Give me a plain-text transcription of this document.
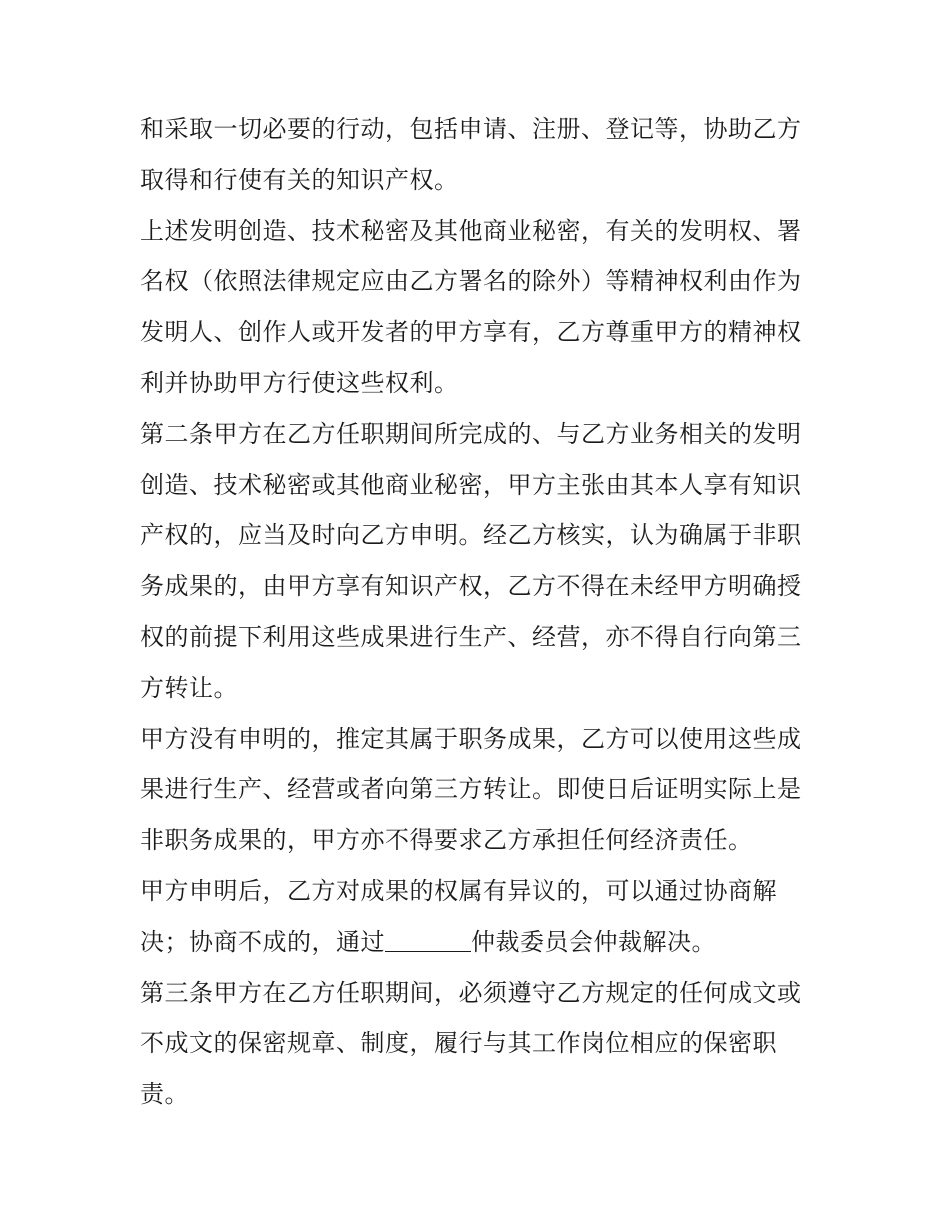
和采取一切必要的行动，包括申请、注册、登记等，协助乙方
取得和行使有关的知识产权。
上述发明创造、技术秘密及其他商业秘密，有关的发明权、署
名权（依照法律规定应由乙方署名的除外）等精神权利由作为
发明人、创作人或开发者的甲方享有，乙方尊重甲方的精神权
利并协助甲方行使这些权利。
第二条甲方在乙方任职期间所完成的、与乙方业务相关的发明
创造、技术秘密或其他商业秘密，甲方主张由其本人享有知识
产权的，应当及时向乙方申明。经乙方核实，认为确属于非职
务成果的，由甲方享有知识产权，乙方不得在未经甲方明确授
权的前提下利用这些成果进行生产、经营，亦不得自行向第三
方转让。
甲方没有申明的，推定其属于职务成果，乙方可以使用这些成
果进行生产、经营或者向第三方转让。即使日后证明实际上是
非职务成果的，甲方亦不得要求乙方承担任何经济责任。
甲方申明后，乙方对成果的权属有异议的，可以通过协商解
决；协商不成的，通过	仲裁委员会仲裁解决。
第三条甲方在乙方任职期间，必须遵守乙方规定的任何成文或
不成文的保密规章、制度，履行与其工作岗位相应的保密职
责。
